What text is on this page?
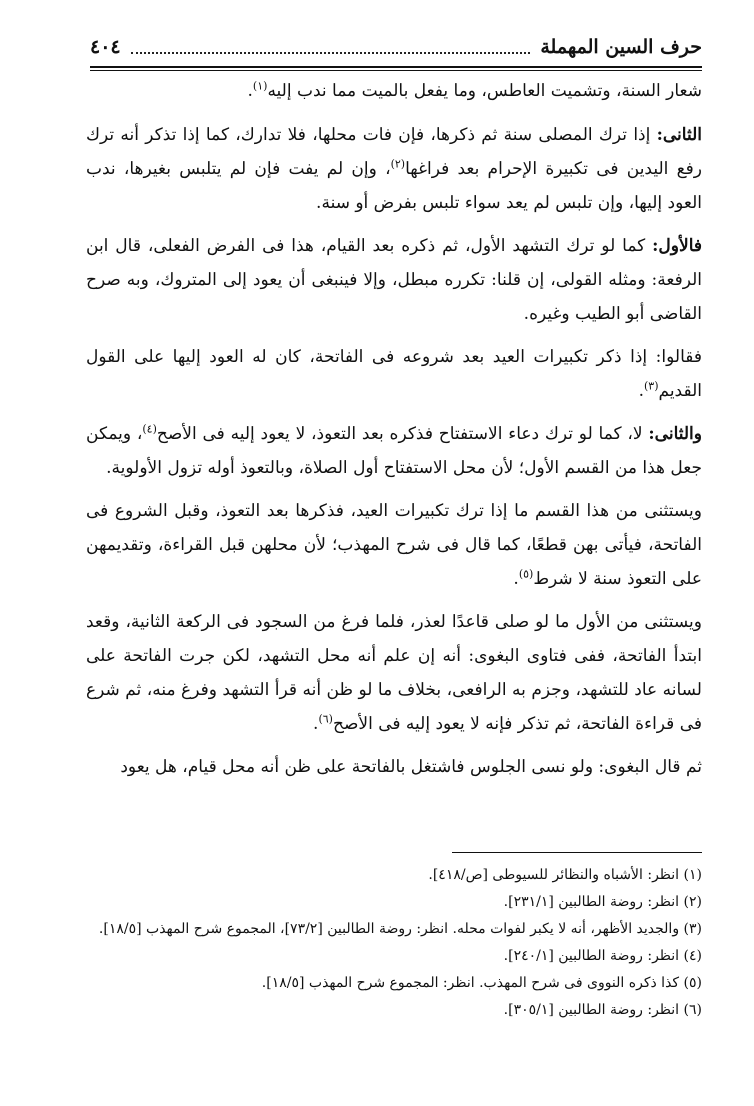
حرف السين المهملة
٤٠٤

شعار السنة، وتشميت العاطس، وما يفعل بالميت مما ندب إليه$^{(١)}$.

الثانى: إذا ترك المصلى سنة ثم ذكرها، فإن فات محلها، فلا تدارك، كما إذا تذكر أنه ترك رفع اليدين فى تكبيرة الإحرام بعد فراغها$^{(٢)}$، وإن لم يفت فإن لم يتلبس بغيرها، ندب العود إليها، وإن تلبس لم يعد سواء تلبس بفرض أو سنة.

فالأول: كما لو ترك التشهد الأول، ثم ذكره بعد القيام، هذا فى الفرض الفعلى، قال ابن الرفعة: ومثله القولى، إن قلنا: تكرره مبطل، وإلا فينبغى أن يعود إلى المتروك، وبه صرح القاضى أبو الطيب وغيره.

فقالوا: إذا ذكر تكبيرات العيد بعد شروعه فى الفاتحة، كان له العود إليها على القول القديم$^{(٣)}$.

والثانى: لا، كما لو ترك دعاء الاستفتاح فذكره بعد التعوذ، لا يعود إليه فى الأصح$^{(٤)}$، ويمكن جعل هذا من القسم الأول؛ لأن محل الاستفتاح أول الصلاة، وبالتعوذ أوله تزول الأولوية.

ويستثنى من هذا القسم ما إذا ترك تكبيرات العيد، فذكرها بعد التعوذ، وقبل الشروع فى الفاتحة، فيأتى بهن قطعًا، كما قال فى شرح المهذب؛ لأن محلهن قبل القراءة، وتقديمهن على التعوذ سنة لا شرط$^{(٥)}$.

ويستثنى من الأول ما لو صلى قاعدًا لعذر، فلما فرغ من السجود فى الركعة الثانية، وقعد ابتدأ الفاتحة، ففى فتاوى البغوى: أنه إن علم أنه محل التشهد، لكن جرت الفاتحة على لسانه عاد للتشهد، وجزم به الرافعى، بخلاف ما لو ظن أنه قرأ التشهد وفرغ منه، ثم شرع فى قراءة الفاتحة، ثم تذكر فإنه لا يعود إليه فى الأصح$^{(٦)}$.

ثم قال البغوى: ولو نسى الجلوس فاشتغل بالفاتحة على ظن أنه محل قيام، هل يعود

(١) انظر: الأشباه والنظائر للسيوطى [ص/٤١٨].
(٢) انظر: روضة الطالبين [٢٣١/١].
(٣) والجديد الأظهر، أنه لا يكبر لفوات محله. انظر: روضة الطالبين [٧٣/٢]، المجموع شرح المهذب [١٨/٥].
(٤) انظر: روضة الطالبين [٢٤٠/١].
(٥) كذا ذكره النووى فى شرح المهذب. انظر: المجموع شرح المهذب [١٨/٥].
(٦) انظر: روضة الطالبين [٣٠٥/١].
